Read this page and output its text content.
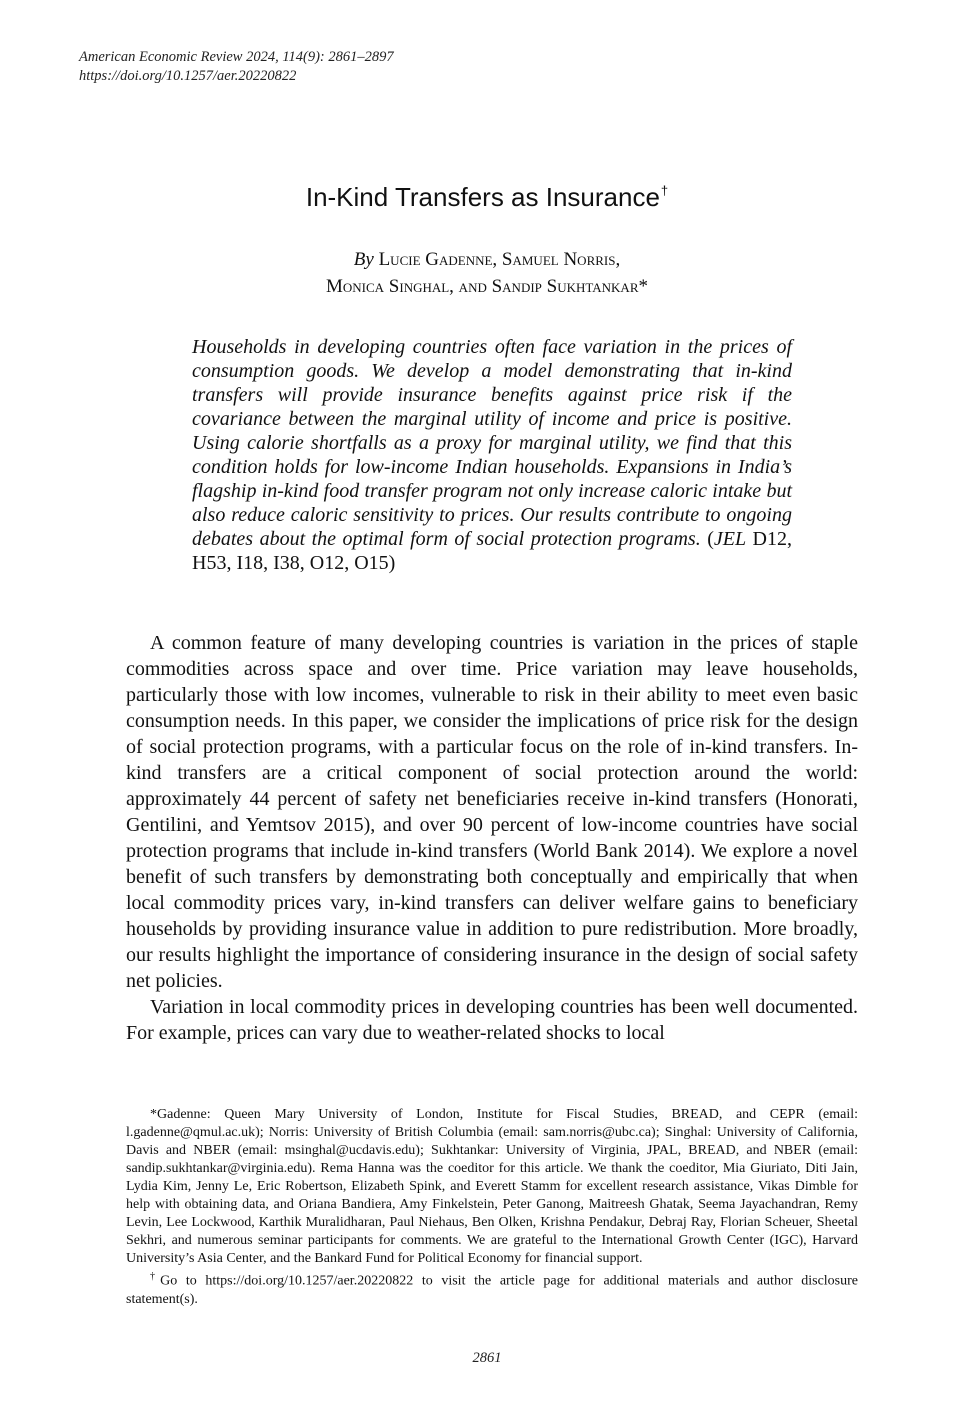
American Economic Review 2024, 114(9): 2861–2897
https://doi.org/10.1257/aer.20220822
In-Kind Transfers as Insurance†
By Lucie Gadenne, Samuel Norris,
Monica Singhal, and Sandip Sukhtankar*
Households in developing countries often face variation in the prices of consumption goods. We develop a model demonstrating that in-kind transfers will provide insurance benefits against price risk if the covariance between the marginal utility of income and price is positive. Using calorie shortfalls as a proxy for marginal utility, we find that this condition holds for low-income Indian households. Expansions in India’s flagship in-kind food transfer program not only increase caloric intake but also reduce caloric sensitivity to prices. Our results contribute to ongoing debates about the optimal form of social protection programs. (JEL D12, H53, I18, I38, O12, O15)

A common feature of many developing countries is variation in the prices of staple commodities across space and over time. Price variation may leave households, particularly those with low incomes, vulnerable to risk in their ability to meet even basic consumption needs. In this paper, we consider the implications of price risk for the design of social protection programs, with a particular focus on the role of in-kind transfers. In-kind transfers are a critical component of social protection around the world: approximately 44 percent of safety net beneficiaries receive in-kind transfers (Honorati, Gentilini, and Yemtsov 2015), and over 90 percent of low-income countries have social protection programs that include in-kind transfers (World Bank 2014). We explore a novel benefit of such transfers by demonstrating both conceptually and empirically that when local commodity prices vary, in-kind transfers can deliver welfare gains to beneficiary households by providing insurance value in addition to pure redistribution. More broadly, our results highlight the importance of considering insurance in the design of social safety net policies.

Variation in local commodity prices in developing countries has been well documented. For example, prices can vary due to weather-related shocks to local

*Gadenne: Queen Mary University of London, Institute for Fiscal Studies, BREAD, and CEPR (email: l.gadenne@qmul.ac.uk); Norris: University of British Columbia (email: sam.norris@ubc.ca); Singhal: University of California, Davis and NBER (email: msinghal@ucdavis.edu); Sukhtankar: University of Virginia, JPAL, BREAD, and NBER (email: sandip.sukhtankar@virginia.edu). Rema Hanna was the coeditor for this article. We thank the coeditor, Mia Giuriato, Diti Jain, Lydia Kim, Jenny Le, Eric Robertson, Elizabeth Spink, and Everett Stamm for excellent research assistance, Vikas Dimble for help with obtaining data, and Oriana Bandiera, Amy Finkelstein, Peter Ganong, Maitreesh Ghatak, Seema Jayachandran, Remy Levin, Lee Lockwood, Karthik Muralidharan, Paul Niehaus, Ben Olken, Krishna Pendakur, Debraj Ray, Florian Scheuer, Sheetal Sekhri, and numerous seminar participants for comments. We are grateful to the International Growth Center (IGC), Harvard University’s Asia Center, and the Bankard Fund for Political Economy for financial support.

†Go to https://doi.org/10.1257/aer.20220822 to visit the article page for additional materials and author disclosure statement(s).

2861
